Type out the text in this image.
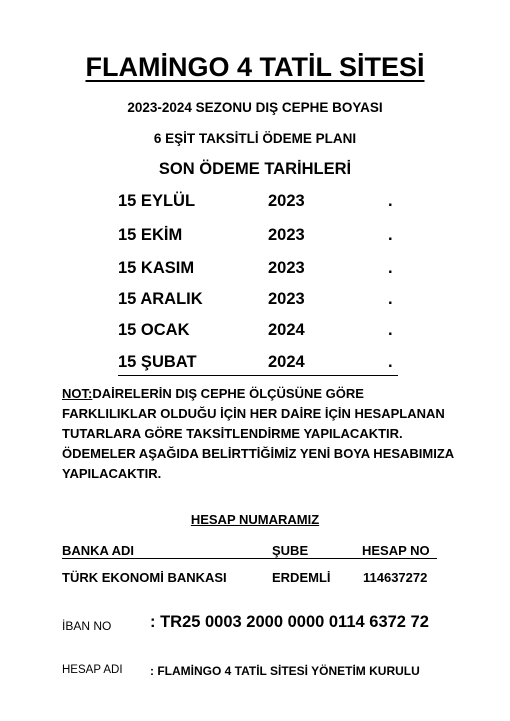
FLAMİNGO 4 TATİL SİTESİ
2023-2024 SEZONU DIŞ CEPHE BOYASI
6 EŞİT TAKSİTLİ ÖDEME PLANI
SON ÖDEME TARİHLERİ
15 EYLÜL	2023	.
15 EKİM	2023	.
15 KASIM	2023	.
15 ARALIK	2023	.
15 OCAK	2024	.
15 ŞUBAT	2024	.
NOT:DAİRELERİN DIŞ CEPHE ÖLÇÜSÜNE GÖRE FARKLILIKLAR OLDUĞU İÇİN HER DAİRE İÇİN HESAPLANAN TUTARLARA GÖRE TAKSİTLENDİRME YAPILACAKTIR. ÖDEMELER AŞAĞIDA BELİRTTİĞİMİZ YENİ BOYA HESABIMIZA YAPILACAKTIR.
HESAP NUMARAMIZ
BANKA ADI	ŞUBE	HESAP NO
TÜRK EKONOMİ BANKASI	ERDEMLİ	114637272
İBAN NO : TR25 0003 2000 0000 0114 6372 72
HESAP ADI : FLAMİNGO 4 TATİL SİTESİ YÖNETİM KURULU
